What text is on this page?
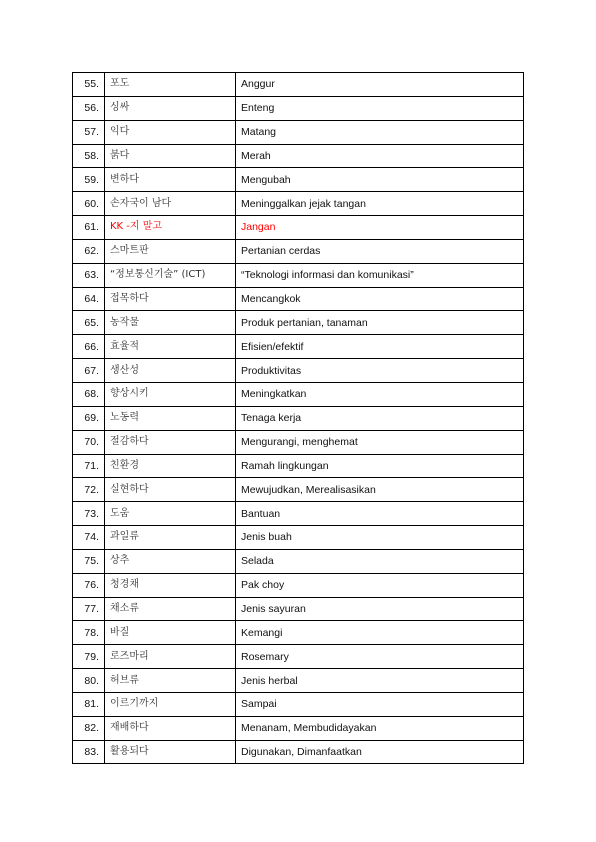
55.	포도	Anggur
56.	싱싸	Enteng
57.	익다	Matang
58.	붉다	Merah
59.	변하다	Mengubah
60.	손자국이 남다	Meninggalkan jejak tangan
61.	KK -지 말고	Jangan
62.	스마트판	Pertanian cerdas
63.	“정보통신기술” (ICT)	“Teknologi informasi dan komunikasi”
64.	접목하다	Mencangkok
65.	농작물	Produk pertanian, tanaman
66.	효율적	Efisien/efektif
67.	생산성	Produktivitas
68.	향상시키	Meningkatkan
69.	노동력	Tenaga kerja
70.	절감하다	Mengurangi, menghemat
71.	친환경	Ramah lingkungan
72.	실현하다	Mewujudkan, Merealisasikan
73.	도움	Bantuan
74.	과일류	Jenis buah
75.	상추	Selada
76.	청경채	Pak choy
77.	채소류	Jenis sayuran
78.	바질	Kemangi
79.	로즈마리	Rosemary
80.	허브류	Jenis herbal
81.	이르기까지	Sampai
82.	재배하다	Menanam, Membudidayakan
83.	활용되다	Digunakan, Dimanfaatkan
